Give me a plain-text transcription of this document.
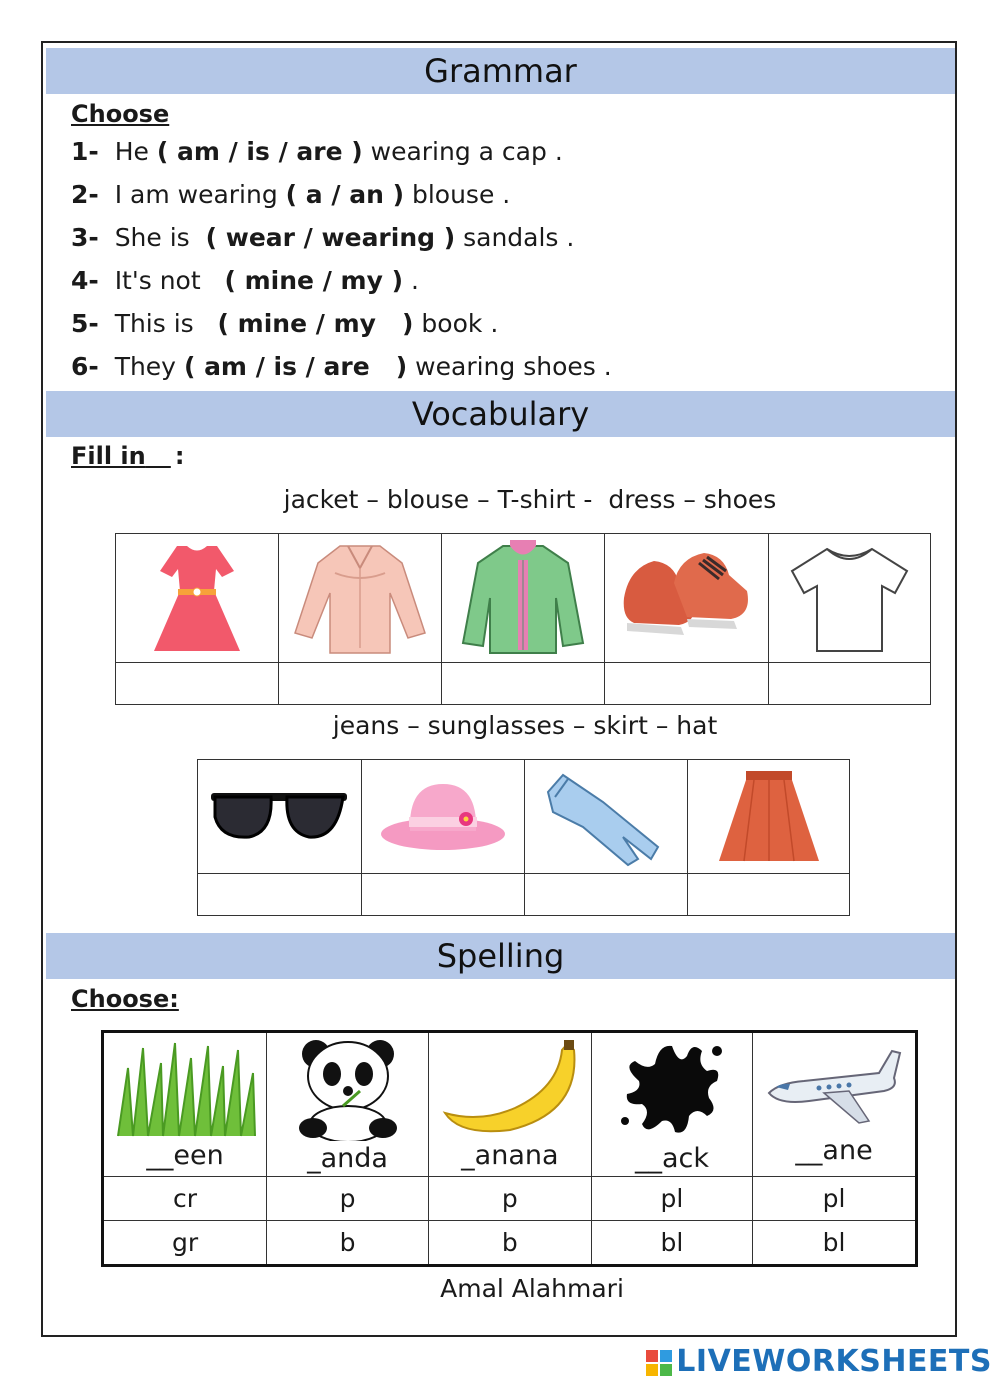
Grammar
Choose
1- He ( am / is / are ) wearing a cap .
2- I am wearing ( a / an ) blouse .
3- She is  ( wear / wearing ) sandals .
4- It's not   ( mine / my ) .
5- This is   ( mine / my   ) book .
6- They ( am / is / are   ) wearing shoes .
Vocabulary
Fill in :
jacket – blouse – T-shirt -  dress – shoes

jeans – sunglasses – skirt – hat

Spelling
Choose:
__een	_anda	_anana	__ack	__ane

cr	p	p	pl	pl
gr	b	b	bl	bl
Amal Alahmari
LIVEWORKSHEETS
